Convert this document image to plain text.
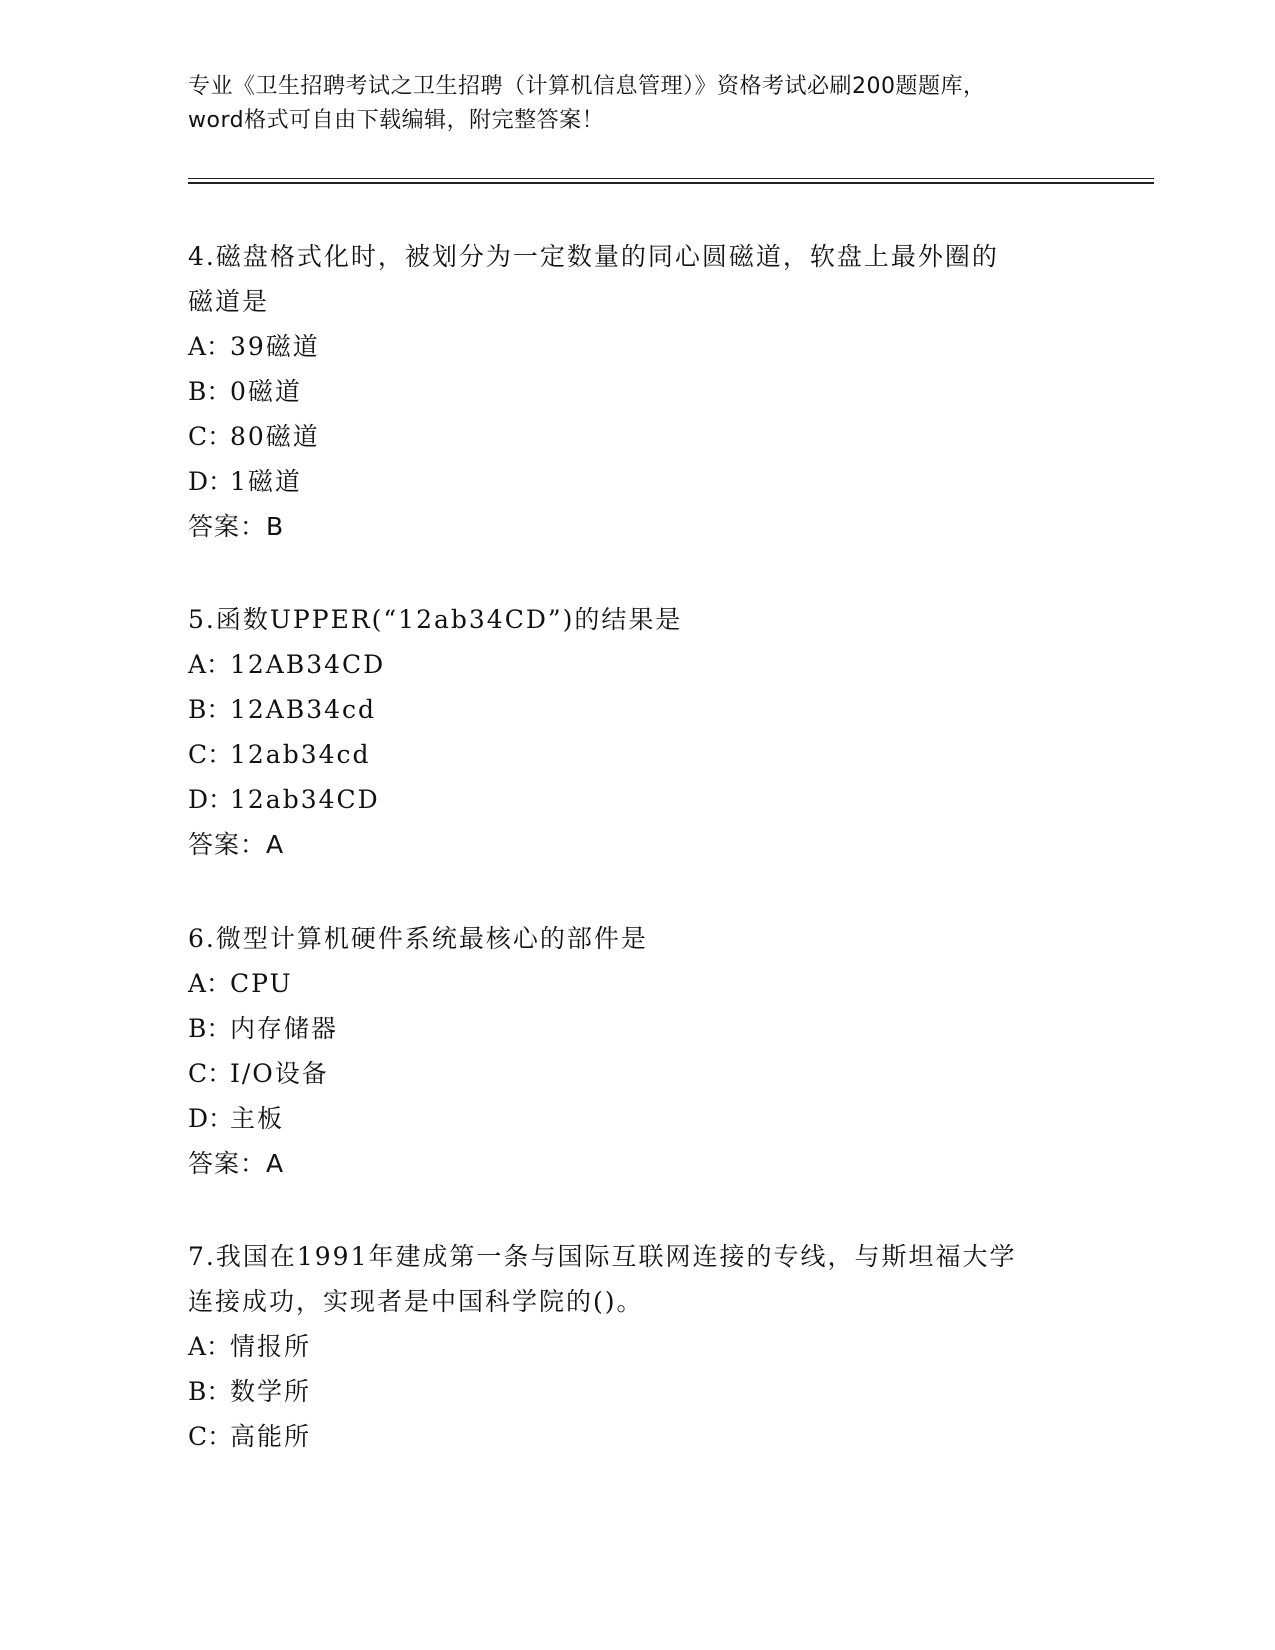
专业《卫生招聘考试之卫生招聘（计算机信息管理）》资格考试必刷200题题库，
word格式可自由下载编辑，附完整答案！
4.磁盘格式化时，被划分为一定数量的同心圆磁道，软盘上最外圈的
磁道是
A：39磁道
B：0磁道
C：80磁道
D：1磁道
答案：B
5.函数UPPER(“12ab34CD”)的结果是
A：12AB34CD
B：12AB34cd
C：12ab34cd
D：12ab34CD
答案：A
6.微型计算机硬件系统最核心的部件是
A：CPU
B：内存储器
C：I/O设备
D：主板
答案：A
7.我国在1991年建成第一条与国际互联网连接的专线，与斯坦福大学
连接成功，实现者是中国科学院的()。
A：情报所
B：数学所
C：高能所
